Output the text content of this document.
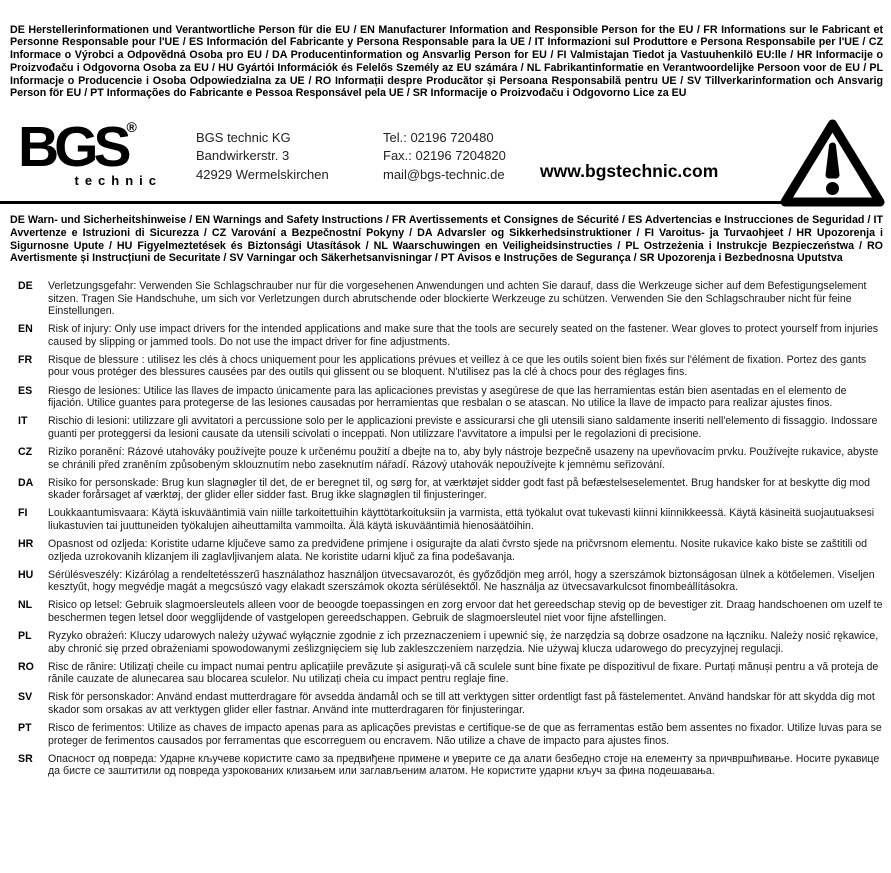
DE Herstellerinformationen und Verantwortliche Person für die EU / EN Manufacturer Information and Responsible Person for the EU / FR Informations sur le Fabricant et Personne Responsable pour l'UE / ES Información del Fabricante y Persona Responsable para la UE / IT Informazioni sul Produttore e Persona Responsabile per l'UE / CZ Informace o Výrobci a Odpovědná Osoba pro EU / DA Producentinformation og Ansvarlig Person for EU / FI Valmistajan Tiedot ja Vastuuhenkilö EU:lle / HR Informacije o Proizvođaču i Odgovorna Osoba za EU / HU Gyártói Információk és Felelős Személy az EU számára / NL Fabrikantinformatie en Verantwoordelijke Persoon voor de EU / PL Informacje o Producencie i Osoba Odpowiedzialna za UE / RO Informații despre Producător și Persoana Responsabilă pentru UE / SV Tillverkarinformation och Ansvarig Person för EU / PT Informações do Fabricante e Pessoa Responsável pela UE / SR Informacije o Proizvođaču i Odgovorno Lice za EU

BGS®
technic
BGS technic KG
Bandwirkerstr. 3
42929 Wermelskirchen
Tel.: 02196 720480
Fax.: 02196 7204820
mail@bgs-technic.de www.bgstechnic.com

DE Warn- und Sicherheitshinweise / EN Warnings and Safety Instructions / FR Avertissements et Consignes de Sécurité / ES Advertencias e Instrucciones de Seguridad / IT Avvertenze e Istruzioni di Sicurezza / CZ Varování a Bezpečnostní Pokyny / DA Advarsler og Sikkerhedsinstruktioner / FI Varoitus- ja Turvaohjeet / HR Upozorenja i Sigurnosne Upute / HU Figyelmeztetések és Biztonsági Utasítások / NL Waarschuwingen en Veiligheidsinstructies / PL Ostrzeżenia i Instrukcje Bezpieczeństwa / RO Avertismente și Instrucțiuni de Securitate / SV Varningar och Säkerhetsanvisningar / PT Avisos e Instruções de Segurança / SR Upozorenja i Bezbednosna Uputstva

DE	Verletzungsgefahr: Verwenden Sie Schlagschrauber nur für die vorgesehenen Anwendungen und achten Sie darauf, dass die Werkzeuge sicher auf dem Befestigungselement sitzen. Tragen Sie Handschuhe, um sich vor Verletzungen durch abrutschende oder blockierte Werkzeuge zu schützen. Verwenden Sie den Schlagschrauber nicht für feine Einstellungen.
EN	Risk of injury: Only use impact drivers for the intended applications and make sure that the tools are securely seated on the fastener. Wear gloves to protect yourself from injuries caused by slipping or jammed tools. Do not use the impact driver for fine adjustments.
FR	Risque de blessure : utilisez les clés à chocs uniquement pour les applications prévues et veillez à ce que les outils soient bien fixés sur l'élément de fixation. Portez des gants pour vous protéger des blessures causées par des outils qui glissent ou se bloquent. N'utilisez pas la clé à chocs pour des réglages fins.
ES	Riesgo de lesiones: Utilice las llaves de impacto únicamente para las aplicaciones previstas y asegúrese de que las herramientas están bien asentadas en el elemento de fijación. Utilice guantes para protegerse de las lesiones causadas por herramientas que resbalan o se atascan. No utilice la llave de impacto para realizar ajustes finos.
IT	Rischio di lesioni: utilizzare gli avvitatori a percussione solo per le applicazioni previste e assicurarsi che gli utensili siano saldamente inseriti nell'elemento di fissaggio. Indossare guanti per proteggersi da lesioni causate da utensili scivolati o inceppati. Non utilizzare l'avvitatore a impulsi per le regolazioni di precisione.
CZ	Riziko poranění: Rázové utahováky používejte pouze k určenému použití a dbejte na to, aby byly nástroje bezpečně usazeny na upevňovacím prvku. Používejte rukavice, abyste se chránili před zraněním způsobeným sklouznutím nebo zaseknutím nářadí. Rázový utahovák nepoužívejte k jemnému seřizování.
DA	Risiko for personskade: Brug kun slagnøgler til det, de er beregnet til, og sørg for, at værktøjet sidder godt fast på befæstelseselementet. Brug handsker for at beskytte dig mod skader forårsaget af værktøj, der glider eller sidder fast. Brug ikke slagnøglen til finjusteringer.
FI	Loukkaantumisvaara: Käytä iskuvääntimiä vain niille tarkoitettuihin käyttötarkoituksiin ja varmista, että työkalut ovat tukevasti kiinni kiinnikkeessä. Käytä käsineitä suojautuaksesi liukastuvien tai juuttuneiden työkalujen aiheuttamilta vammoilta. Älä käytä iskuvääntimiä hienosäätöihin.
HR	Opasnost od ozljeda: Koristite udarne ključeve samo za predviđene primjene i osigurajte da alati čvrsto sjede na pričvrsnom elementu. Nosite rukavice kako biste se zaštitili od ozljeda uzrokovanih klizanjem ili zaglavljivanjem alata. Ne koristite udarni ključ za fina podešavanja.
HU	Sérülésveszély: Kizárólag a rendeltetésszerű használathoz használjon ütvecsavarozót, és győződjön meg arról, hogy a szerszámok biztonságosan ülnek a kötőelemen. Viseljen kesztyűt, hogy megvédje magát a megcsúszó vagy elakadt szerszámok okozta sérülésektől. Ne használja az ütvecsavarkulcsot finombeállításokra.
NL	Risico op letsel: Gebruik slagmoersleutels alleen voor de beoogde toepassingen en zorg ervoor dat het gereedschap stevig op de bevestiger zit. Draag handschoenen om uzelf te beschermen tegen letsel door wegglijdende of vastgelopen gereedschappen. Gebruik de slagmoersleutel niet voor fijne afstellingen.
PL	Ryzyko obrażeń: Kluczy udarowych należy używać wyłącznie zgodnie z ich przeznaczeniem i upewnić się, że narzędzia są dobrze osadzone na łączniku. Należy nosić rękawice, aby chronić się przed obrażeniami spowodowanymi ześlizgnięciem się lub zakleszczeniem narzędzia. Nie używaj klucza udarowego do precyzyjnej regulacji.
RO	Risc de rănire: Utilizați cheile cu impact numai pentru aplicațiile prevăzute și asigurați-vă că sculele sunt bine fixate pe dispozitivul de fixare. Purtați mănuși pentru a vă proteja de rănile cauzate de alunecarea sau blocarea sculelor. Nu utilizați cheia cu impact pentru reglaje fine.
SV	Risk för personskador: Använd endast mutterdragare för avsedda ändamål och se till att verktygen sitter ordentligt fast på fästelementet. Använd handskar för att skydda dig mot skador som orsakas av att verktygen glider eller fastnar. Använd inte mutterdragaren för finjusteringar.
PT	Risco de ferimentos: Utilize as chaves de impacto apenas para as aplicações previstas e certifique-se de que as ferramentas estão bem assentes no fixador. Utilize luvas para se proteger de ferimentos causados por ferramentas que escorreguem ou encravem. Não utilize a chave de impacto para ajustes finos.
SR	Опасност од повреда: Ударне кључеве користите само за предвиђене примене и уверите се да алати безбедно стоје на елементу за причвршћивање. Носите рукавице да бисте се заштитили од повреда узрокованих клизањем или заглављеним алатом. Не користите ударни кључ за фина подешавања.
